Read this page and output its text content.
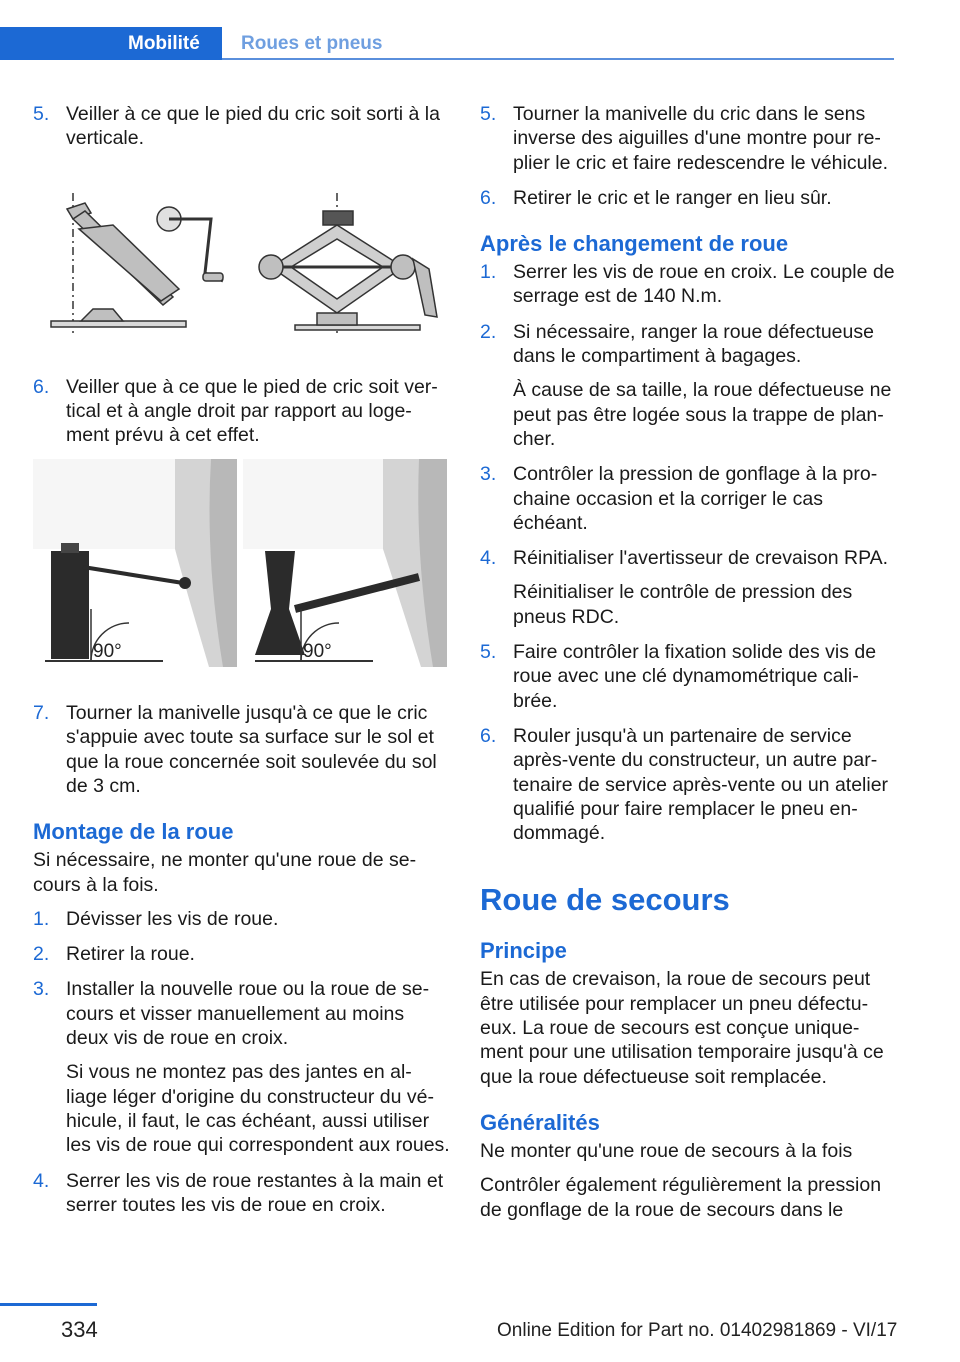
Mobilité	Roues et pneus
5. Veiller à ce que le pied du cric soit sorti à la verticale.

6. Veiller que à ce que le pied de cric soit ver-tical et à angle droit par rapport au loge-ment prévu à cet effet.

90°	90°
7. Tourner la manivelle jusqu'à ce que le cric s'appuie avec toute sa surface sur le sol et que la roue concernée soit soulevée du sol de 3 cm.

Montage de la roue

Si nécessaire, ne monter qu'une roue de se-cours à la fois.

1. Dévisser les vis de roue.

2. Retirer la roue.

3. Installer la nouvelle roue ou la roue de se-cours et visser manuellement au moins deux vis de roue en croix.

Si vous ne montez pas des jantes en al-liage léger d'origine du constructeur du vé-hicule, il faut, le cas échéant, aussi utiliser les vis de roue qui correspondent aux roues.

4. Serrer les vis de roue restantes à la main et serrer toutes les vis de roue en croix.

5. Tourner la manivelle du cric dans le sens inverse des aiguilles d'une montre pour re-plier le cric et faire redescendre le véhicule.

6. Retirer le cric et le ranger en lieu sûr.

Après le changement de roue
1. Serrer les vis de roue en croix. Le couple de serrage est de 140 N.m.

2. Si nécessaire, ranger la roue défectueuse dans le compartiment à bagages.

À cause de sa taille, la roue défectueuse ne peut pas être logée sous la trappe de plan-cher.

3. Contrôler la pression de gonflage à la pro-chaine occasion et la corriger le cas échéant.

4. Réinitialiser l'avertisseur de crevaison RPA.

Réinitialiser le contrôle de pression des pneus RDC.

5. Faire contrôler la fixation solide des vis de roue avec une clé dynamométrique cali-brée.

6. Rouler jusqu'à un partenaire de service après-vente du constructeur, un autre par-tenaire de service après-vente ou un atelier qualifié pour faire remplacer le pneu en-dommagé.

Roue de secours
Principe

En cas de crevaison, la roue de secours peut être utilisée pour remplacer un pneu défectu-eux. La roue de secours est conçue unique-ment pour une utilisation temporaire jusqu'à ce que la roue défectueuse soit remplacée.

Généralités

Ne monter qu'une roue de secours à la fois

Contrôler également régulièrement la pression de gonflage de la roue de secours dans le

334	Online Edition for Part no. 01402981869 - VI/17
